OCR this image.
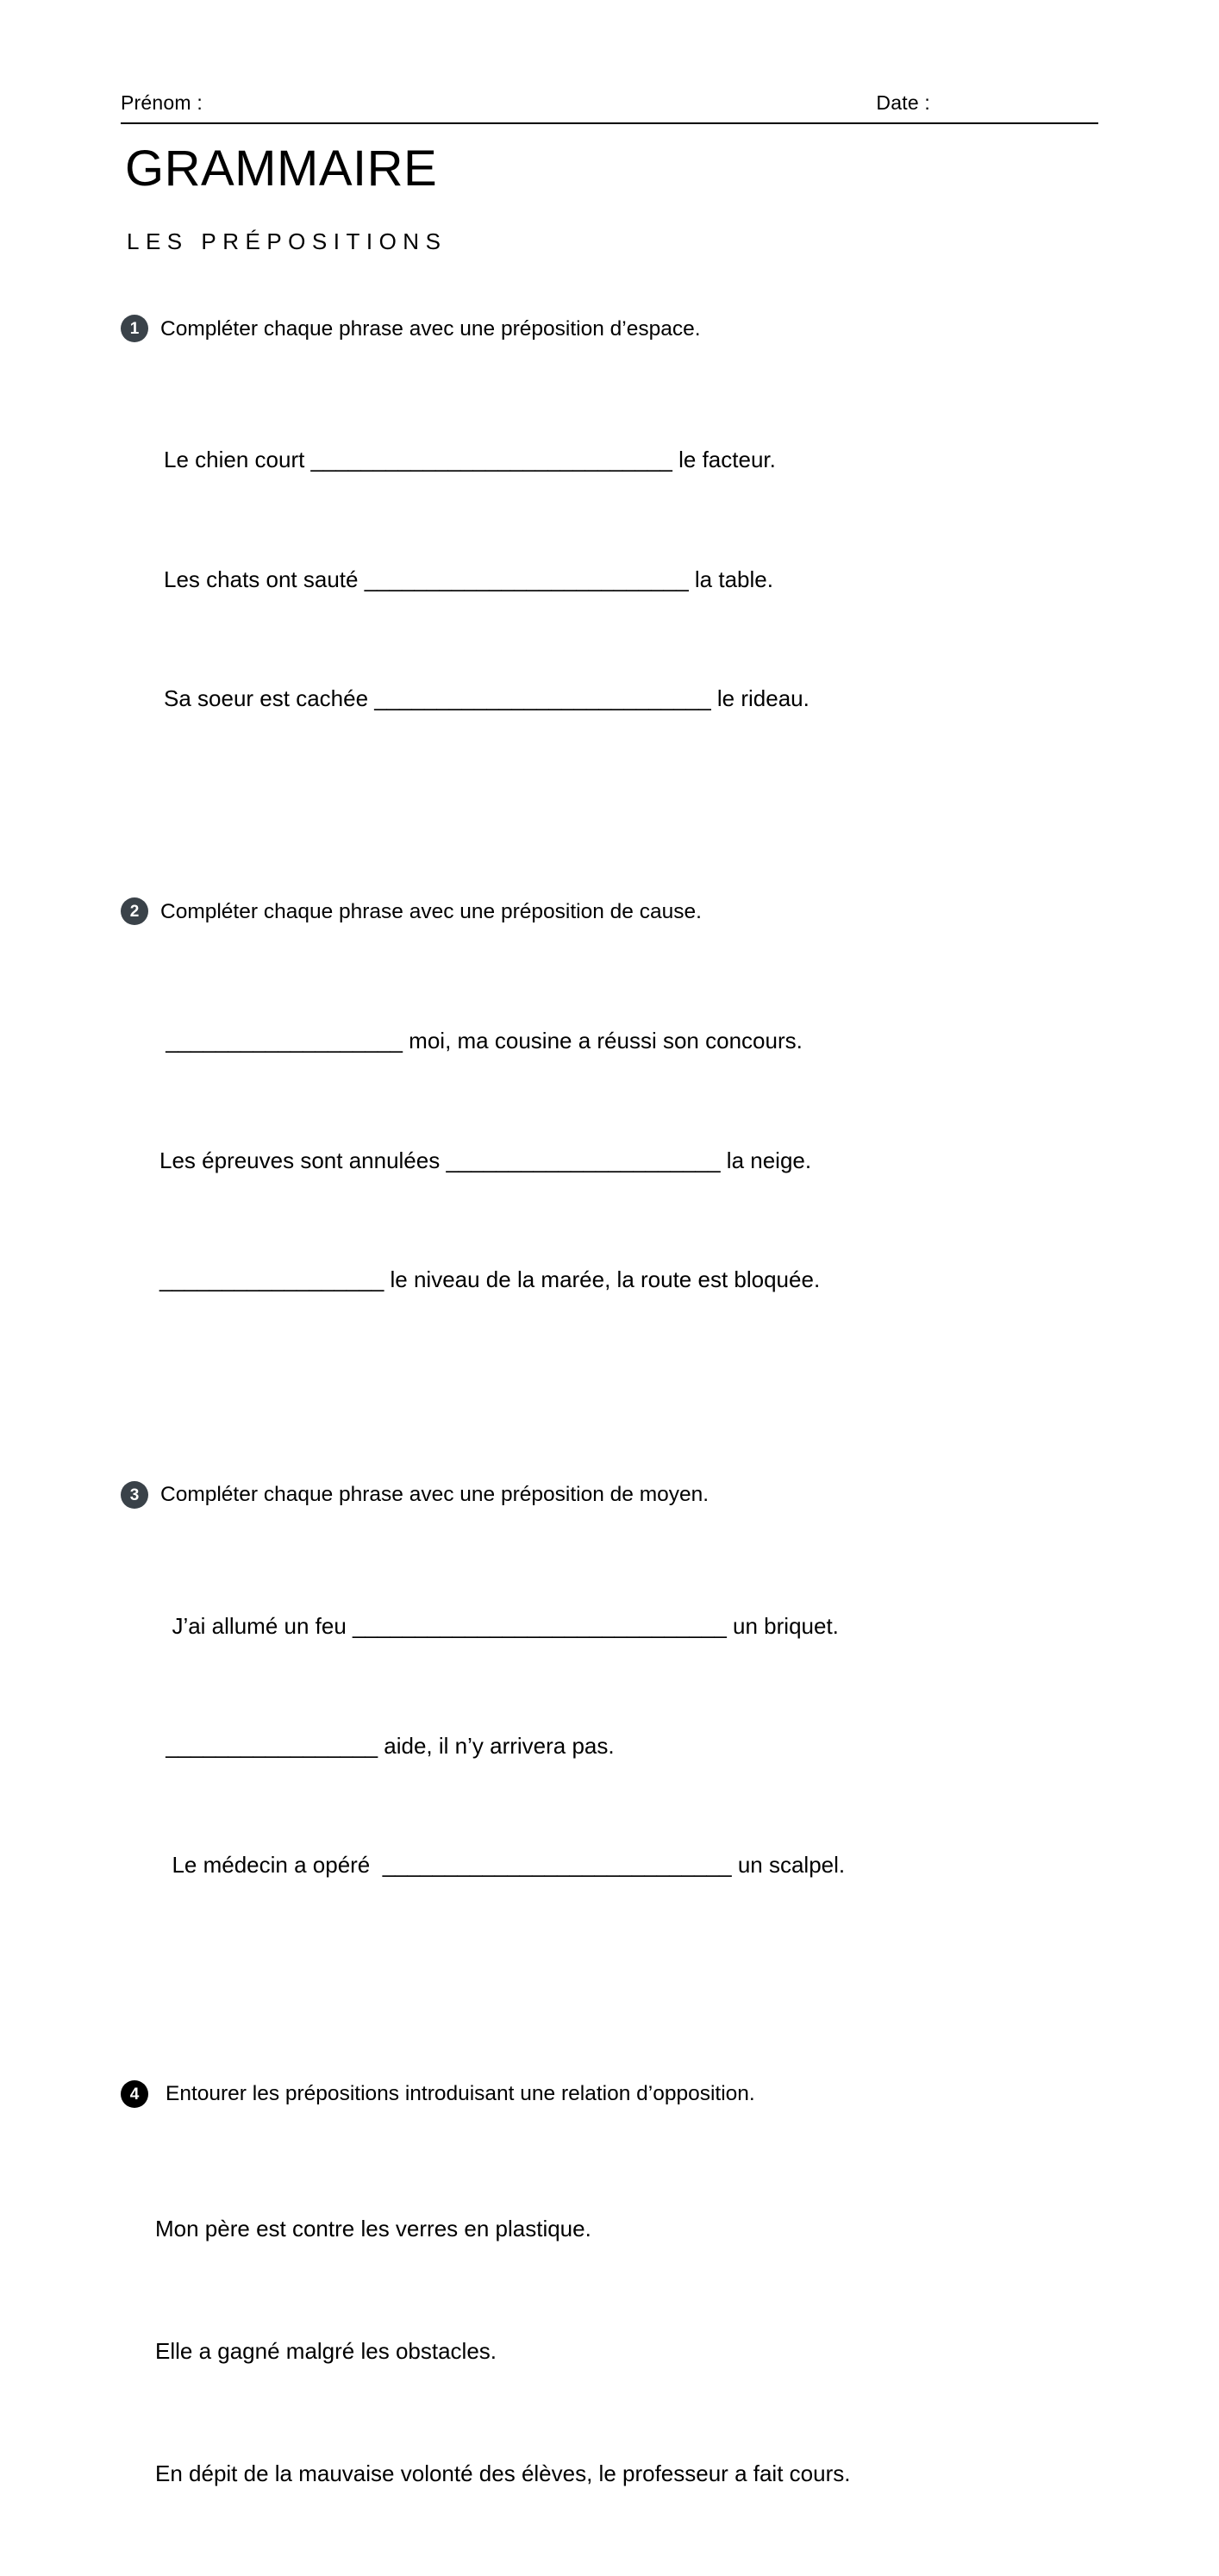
Prénom :	Date :
GRAMMAIRE
LES PRÉPOSITIONS
1	Compléter chaque phrase avec une préposition d’espace.

Le chien court _____________________________ le facteur.

Les chats ont sauté __________________________ la table.

Sa soeur est cachée ___________________________ le rideau.

2	Compléter chaque phrase avec une préposition de cause.

___________________ moi, ma cousine a réussi son concours.

Les épreuves sont annulées ______________________ la neige.

__________________ le niveau de la marée, la route est bloquée.

3	Compléter chaque phrase avec une préposition de moyen.

J’ai allumé un feu ______________________________ un briquet.

_________________ aide, il n’y arrivera pas.

Le médecin a opéré  ____________________________ un scalpel.

4	Entourer les prépositions introduisant une relation d’opposition.

Mon père est contre les verres en plastique.

Elle a gagné malgré les obstacles.

En dépit de la mauvaise volonté des élèves, le professeur a fait cours.
